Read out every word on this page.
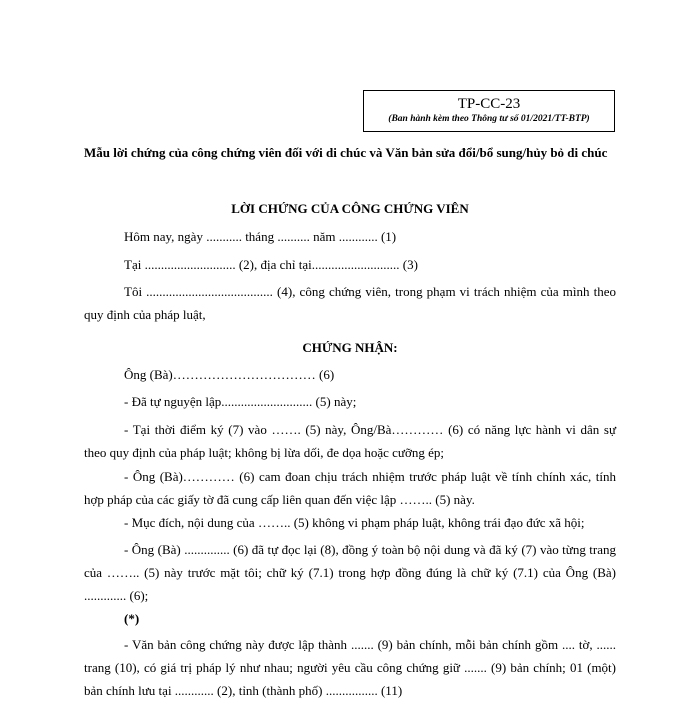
TP-CC-23
(Ban hành kèm theo Thông tư số 01/2021/TT-BTP)
Mẫu lời chứng của công chứng viên đối với di chúc và Văn bản sửa đổi/bổ sung/hủy bỏ di chúc
LỜI CHỨNG CỦA CÔNG CHỨNG VIÊN
Hôm nay, ngày ........... tháng .......... năm ............ (1)
Tại ............................ (2), địa chỉ tại........................... (3)
Tôi ....................................... (4), công chứng viên, trong phạm vi trách nhiệm của mình theo quy định của pháp luật,
CHỨNG NHẬN:
Ông (Bà)…………………………… (6)
- Đã tự nguyện lập............................ (5) này;
- Tại thời điểm ký (7) vào ……. (5) này, Ông/Bà………… (6) có năng lực hành vi dân sự theo quy định của pháp luật; không bị lừa dối, đe dọa hoặc cưỡng ép;
- Ông (Bà)………… (6) cam đoan chịu trách nhiệm trước pháp luật về tính chính xác, tính hợp pháp của các giấy tờ đã cung cấp liên quan đến việc lập …….. (5) này.
- Mục đích, nội dung của …….. (5) không vi phạm pháp luật, không trái đạo đức xã hội;
- Ông (Bà) .............. (6) đã tự đọc lại (8), đồng ý toàn bộ nội dung và đã ký (7) vào từng trang của …….. (5) này trước mặt tôi; chữ ký (7.1) trong hợp đồng đúng là chữ ký (7.1) của Ông (Bà) ............. (6);
(*)
- Văn bản công chứng này được lập thành ....... (9) bản chính, mỗi bản chính gồm .... tờ, ...... trang (10), có giá trị pháp lý như nhau; người yêu cầu công chứng giữ ....... (9) bản chính; 01 (một) bản chính lưu tại ............ (2), tỉnh (thành phố) ................ (11)
